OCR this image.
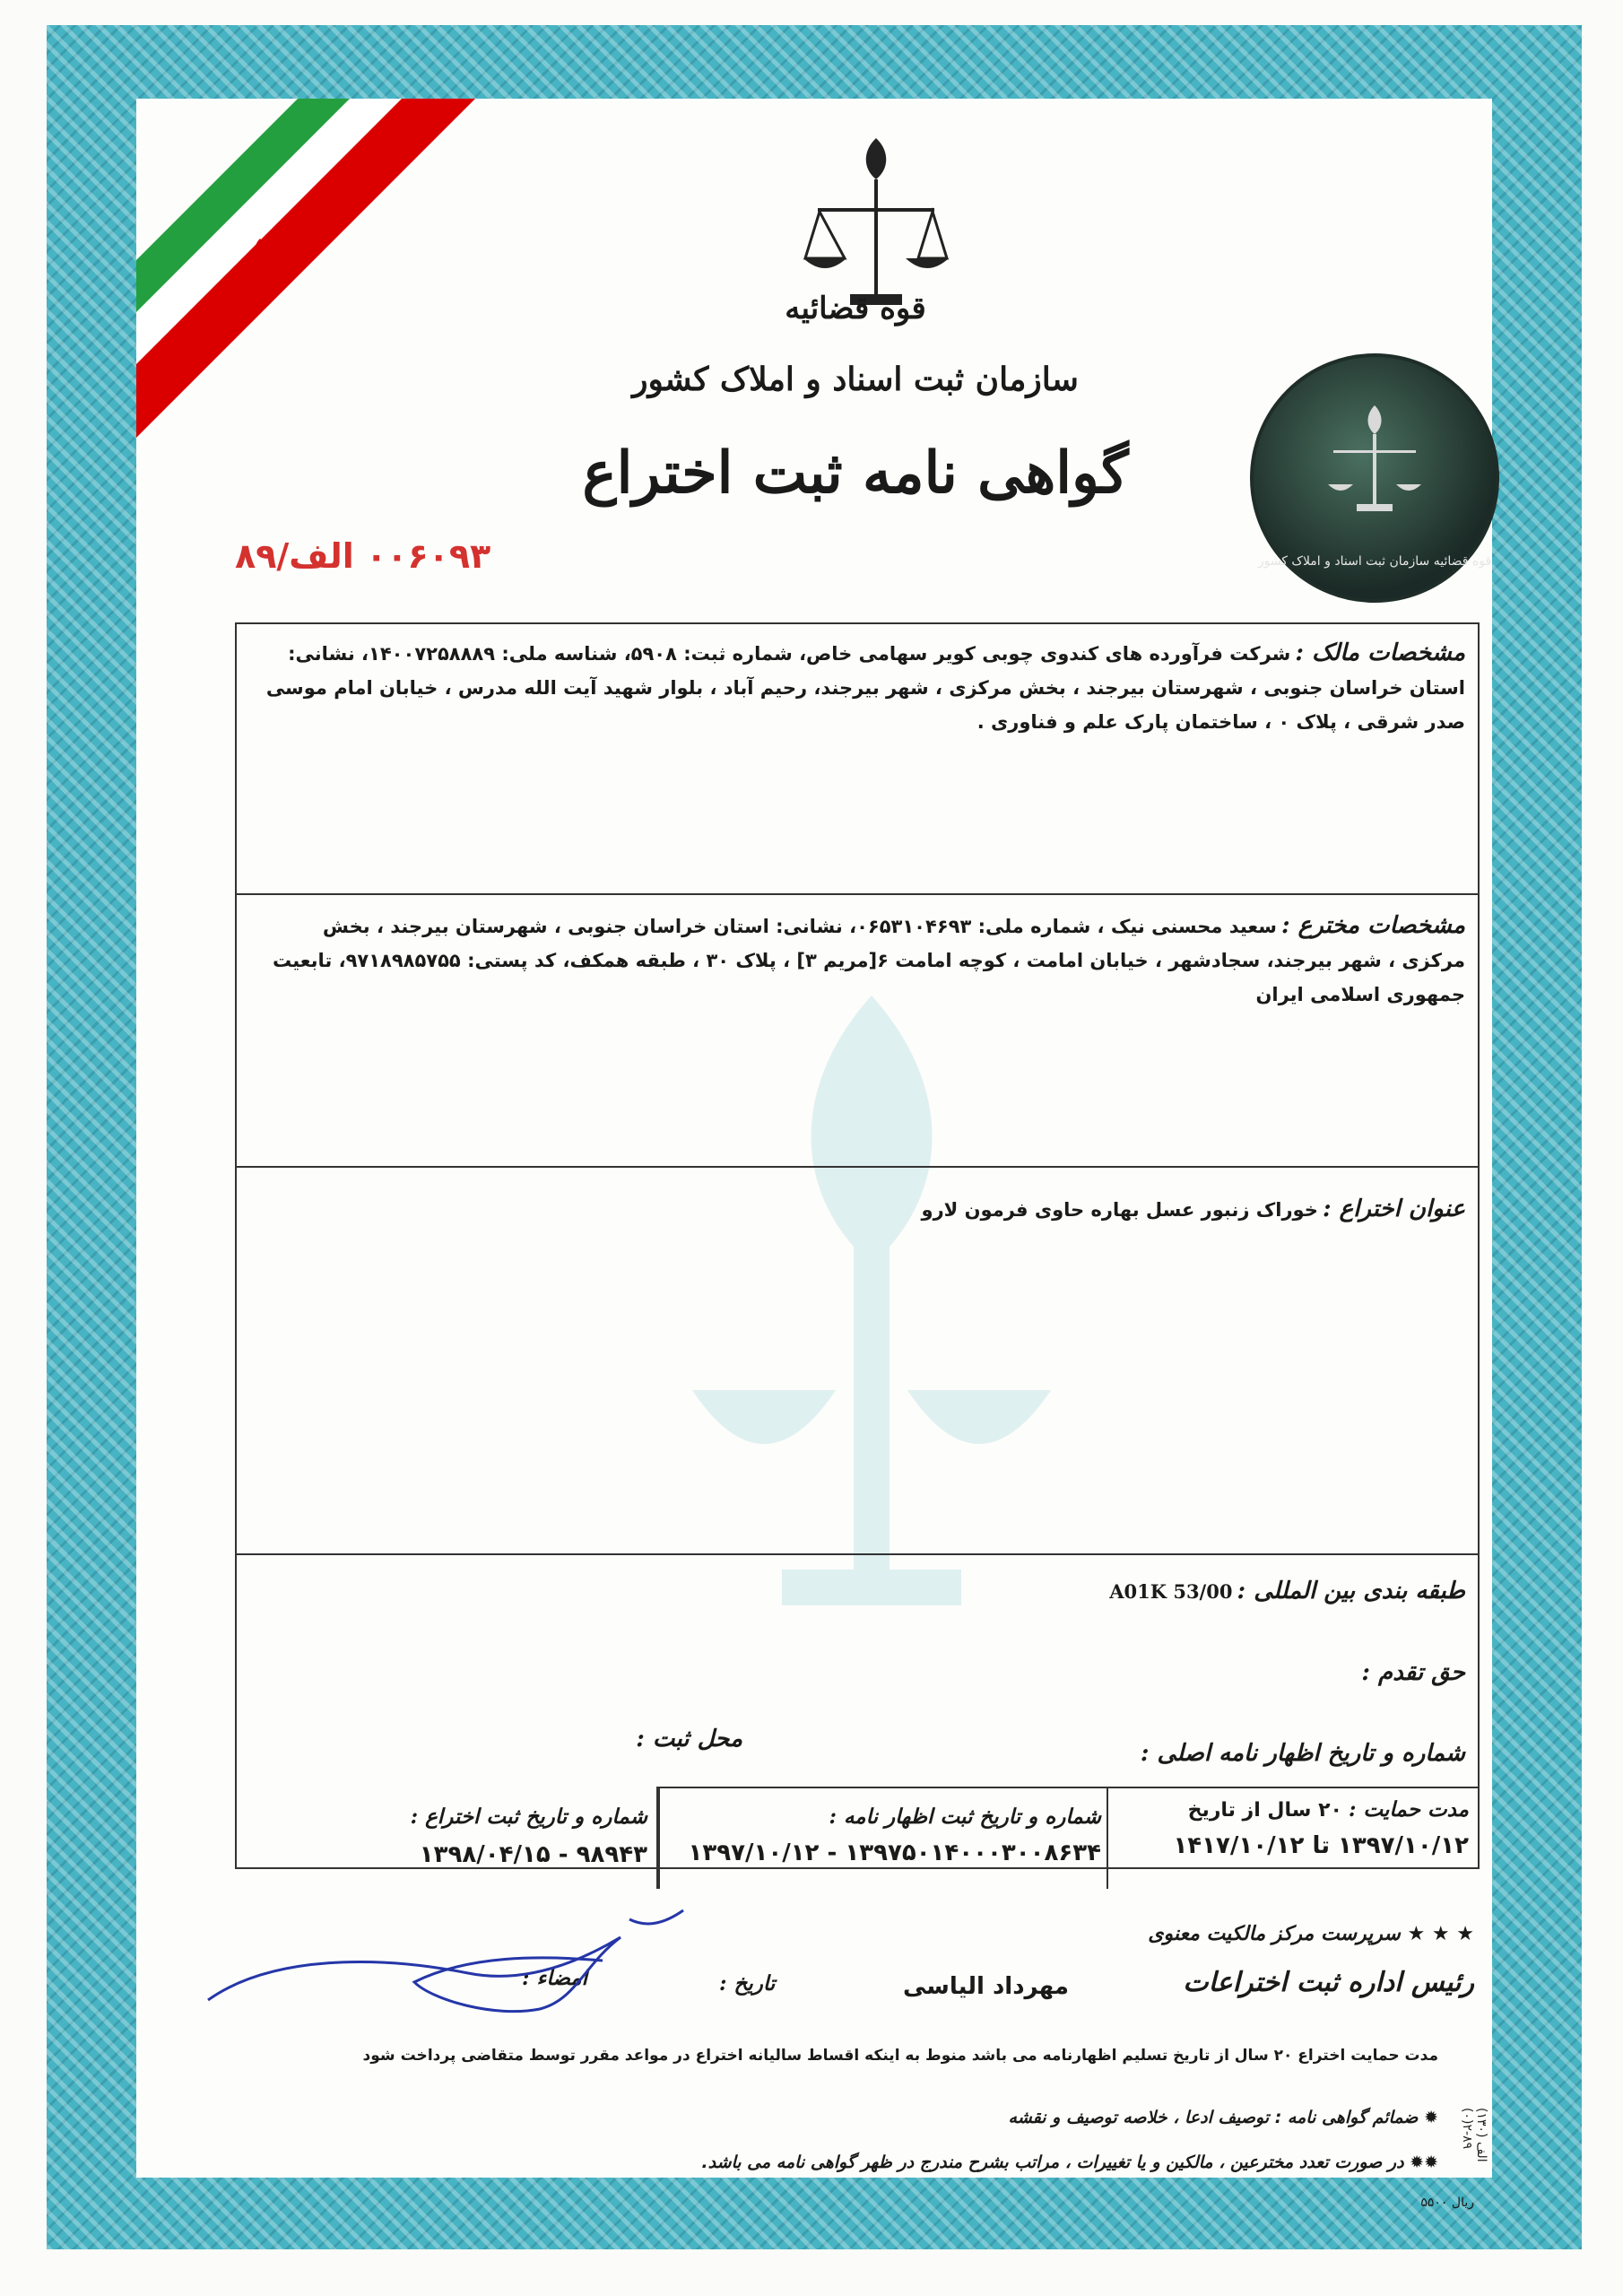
قوه قضائیه
سازمان ثبت اسناد و املاک کشور
گواهی نامه ثبت اختراع
۰۰۶۰۹۳ الف/۸۹	قوه قضائیه سازمان ثبت اسناد و املاک کشور
مشخصات مالک : شرکت فرآورده های کندوی چوبی کویر سهامی خاص، شماره ثبت: ۵۹۰۸، شناسه ملی: ۱۴۰۰۷۲۵۸۸۸۹، نشانی: استان خراسان جنوبی ، شهرستان بیرجند ، بخش مرکزی ، شهر بیرجند، رحیم آباد ، بلوار شهید آیت الله مدرس ، خیابان امام موسی صدر شرقی ، پلاک ۰ ، ساختمان پارک علم و فناوری .
مشخصات مخترع : سعید محسنی نیک ، شماره ملی: ۰۶۵۳۱۰۴۶۹۳، نشانی: استان خراسان جنوبی ، شهرستان بیرجند ، بخش مرکزی ، شهر بیرجند، سجادشهر ، خیابان امامت ، کوچه امامت ۶[مریم ۳] ، پلاک ۳۰ ، طبقه همکف، کد پستی: ۹۷۱۸۹۸۵۷۵۵، تابعیت جمهوری اسلامی ایران
عنوان اختراع : خوراک زنبور عسل بهاره حاوی فرمون لارو
طبقه بندی بین المللی : A01K 53/00
حق تقدم :
شماره و تاریخ اظهار نامه اصلی :
محل ثبت :
مدت حمایت : ۲۰ سال از تاریخ
۱۳۹۷/۱۰/۱۲ تا ۱۴۱۷/۱۰/۱۲
شماره و تاریخ ثبت اظهار نامه :
۱۳۹۷۵۰۱۴۰۰۰۳۰۰۸۶۳۴ - ۱۳۹۷/۱۰/۱۲
شماره و تاریخ ثبت اختراع :
۹۸۹۴۳ - ۱۳۹۸/۰۴/۱۵
★ ★ ★ سرپرست مرکز مالکیت معنوی
رئیس اداره ثبت اختراعات
مهرداد الیاسی
تاریخ :
امضاء :
مدت حمایت اختراع ۲۰ سال از تاریخ تسلیم اظهارنامه می باشد منوط به اینکه اقساط سالیانه اختراع در مواعد مقرر توسط متقاضی پرداخت شود
✹ ضمائم گواهی نامه : توصیف ادعا ، خلاصه توصیف و نقشه
✹✹ در صورت تعدد مخترعین ، مالکین و یا تغییرات ، مراتب بشرح مندرج در ظهر گواهی نامه می باشد.
(۱۳۰) الف ۸۹-۲(۰)
۵۵۰۰ ریال
